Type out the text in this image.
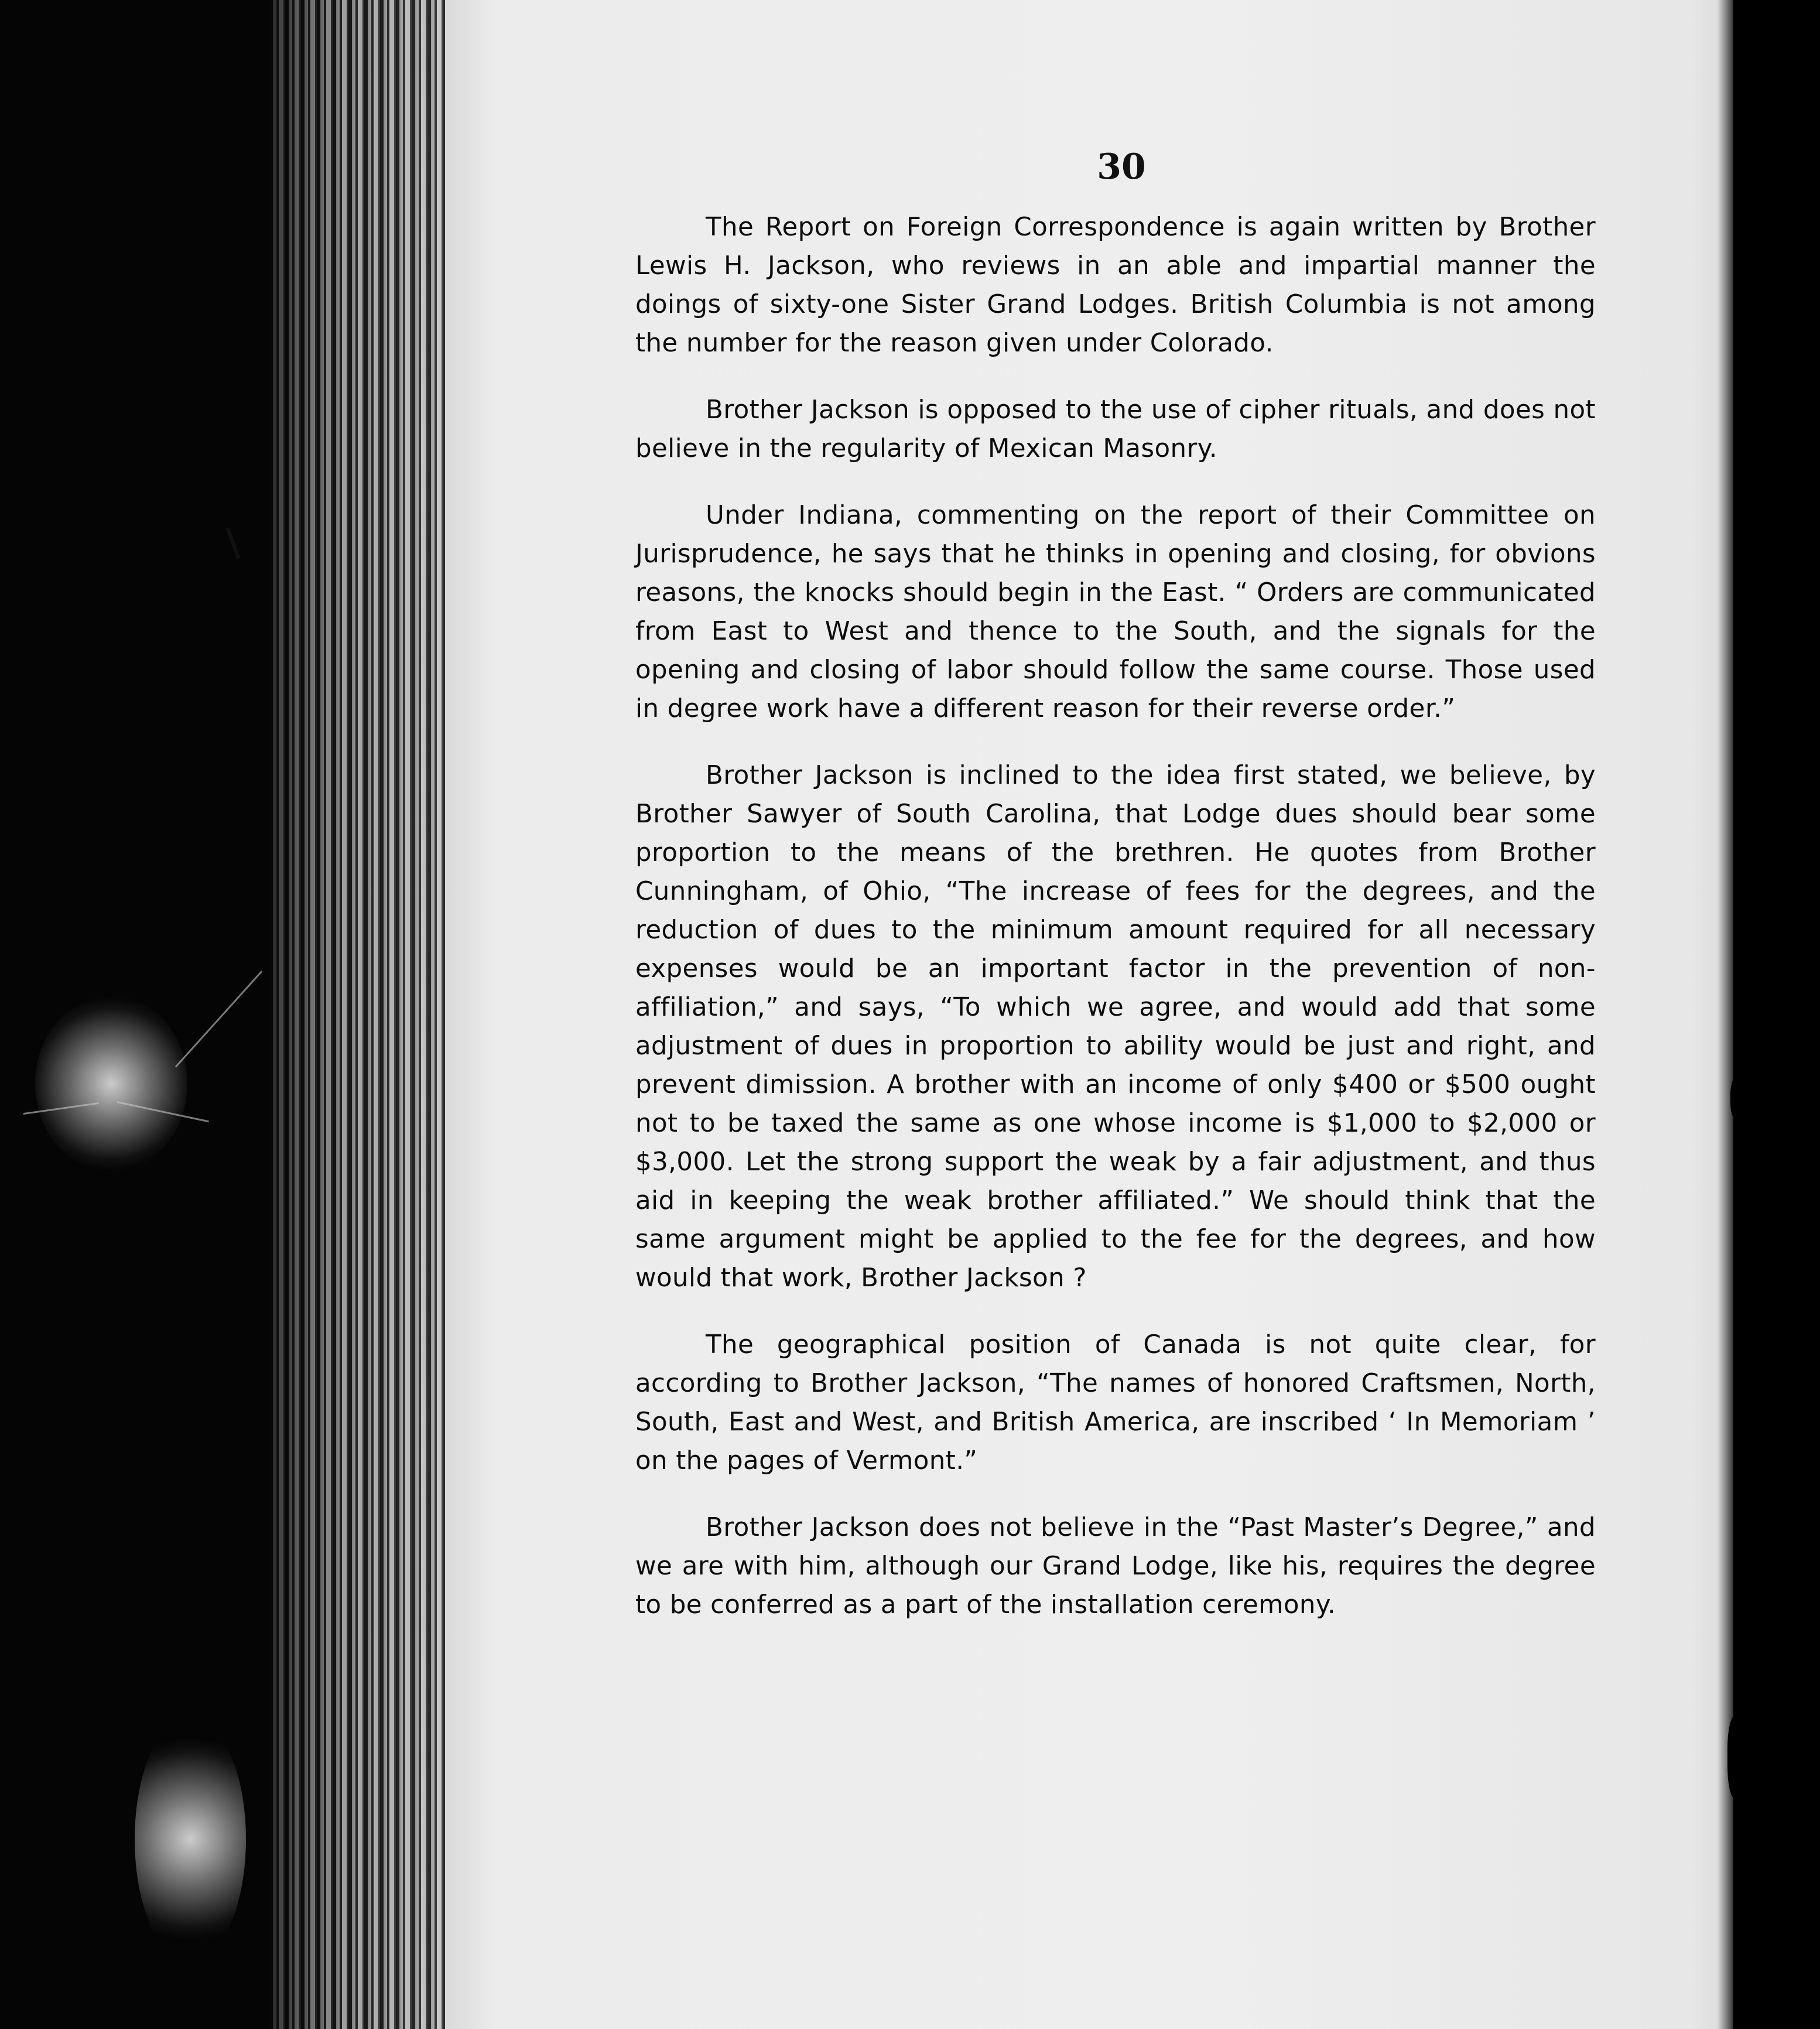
30

The Report on Foreign Correspondence is again written by Brother Lewis H. Jackson, who reviews in an able and impartial manner the doings of sixty-one Sister Grand Lodges. British Columbia is not among the number for the reason given under Colorado.

Brother Jackson is opposed to the use of cipher rituals, and does not believe in the regularity of Mexican Masonry.

Under Indiana, commenting on the report of their Committee on Jurisprudence, he says that he thinks in opening and closing, for obvions reasons, the knocks should begin in the East. “ Orders are communicated from East to West and thence to the South, and the signals for the opening and closing of labor should follow the same course. Those used in degree work have a different reason for their reverse order.”

Brother Jackson is inclined to the idea first stated, we believe, by Brother Sawyer of South Carolina, that Lodge dues should bear some proportion to the means of the brethren. He quotes from Brother Cunningham, of Ohio, “The increase of fees for the degrees, and the reduction of dues to the minimum amount required for all necessary expenses would be an important factor in the prevention of non-affiliation,” and says, “To which we agree, and would add that some adjustment of dues in proportion to ability would be just and right, and prevent dimission. A brother with an income of only $400 or $500 ought not to be taxed the same as one whose income is $1,000 to $2,000 or $3,000. Let the strong support the weak by a fair adjustment, and thus aid in keeping the weak brother affiliated.” We should think that the same argument might be applied to the fee for the degrees, and how would that work, Brother Jackson ?

The geographical position of Canada is not quite clear, for according to Brother Jackson, “The names of honored Craftsmen, North, South, East and West, and British America, are inscribed ‘ In Memoriam ’ on the pages of Vermont.”

Brother Jackson does not believe in the “Past Master’s Degree,” and we are with him, although our Grand Lodge, like his, requires the degree to be conferred as a part of the installation ceremony.
